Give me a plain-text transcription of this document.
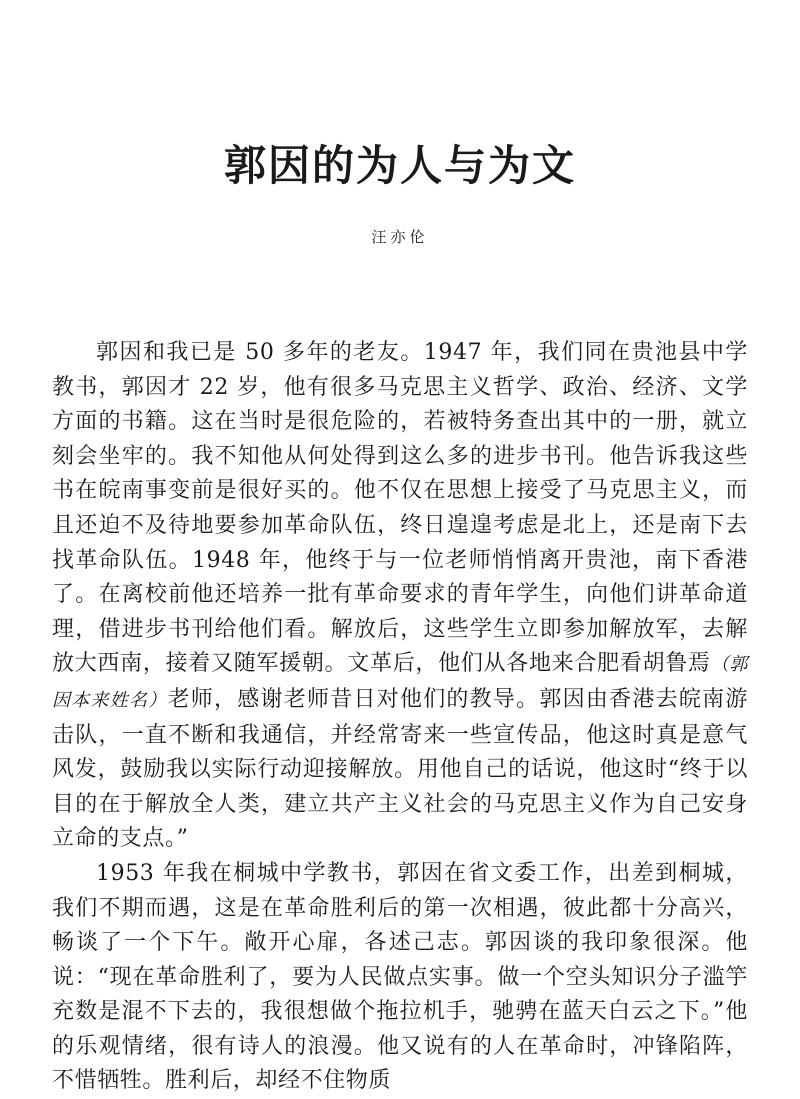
郭因的为人与为文
汪亦伦

郭因和我已是 50 多年的老友。1947 年，我们同在贵池县中学教书，郭因才 22 岁，他有很多马克思主义哲学、政治、经济、文学方面的书籍。这在当时是很危险的，若被特务查出其中的一册，就立刻会坐牢的。我不知他从何处得到这么多的进步书刊。他告诉我这些书在皖南事变前是很好买的。他不仅在思想上接受了马克思主义，而且还迫不及待地要参加革命队伍，终日遑遑考虑是北上，还是南下去找革命队伍。1948 年，他终于与一位老师悄悄离开贵池，南下香港了。在离校前他还培养一批有革命要求的青年学生，向他们讲革命道理，借进步书刊给他们看。解放后，这些学生立即参加解放军，去解放大西南，接着又随军援朝。文革后，他们从各地来合肥看胡鲁焉（郭因本来姓名）老师，感谢老师昔日对他们的教导。郭因由香港去皖南游击队，一直不断和我通信，并经常寄来一些宣传品，他这时真是意气风发，鼓励我以实际行动迎接解放。用他自己的话说，他这时“终于以目的在于解放全人类，建立共产主义社会的马克思主义作为自己安身立命的支点。”

1953 年我在桐城中学教书，郭因在省文委工作，出差到桐城，我们不期而遇，这是在革命胜利后的第一次相遇，彼此都十分高兴，畅谈了一个下午。敞开心扉，各述己志。郭因谈的我印象很深。他说：“现在革命胜利了，要为人民做点实事。做一个空头知识分子滥竽充数是混不下去的，我很想做个拖拉机手，驰骋在蓝天白云之下。”他的乐观情绪，很有诗人的浪漫。他又说有的人在革命时，冲锋陷阵，不惜牺牲。胜利后，却经不住物质
